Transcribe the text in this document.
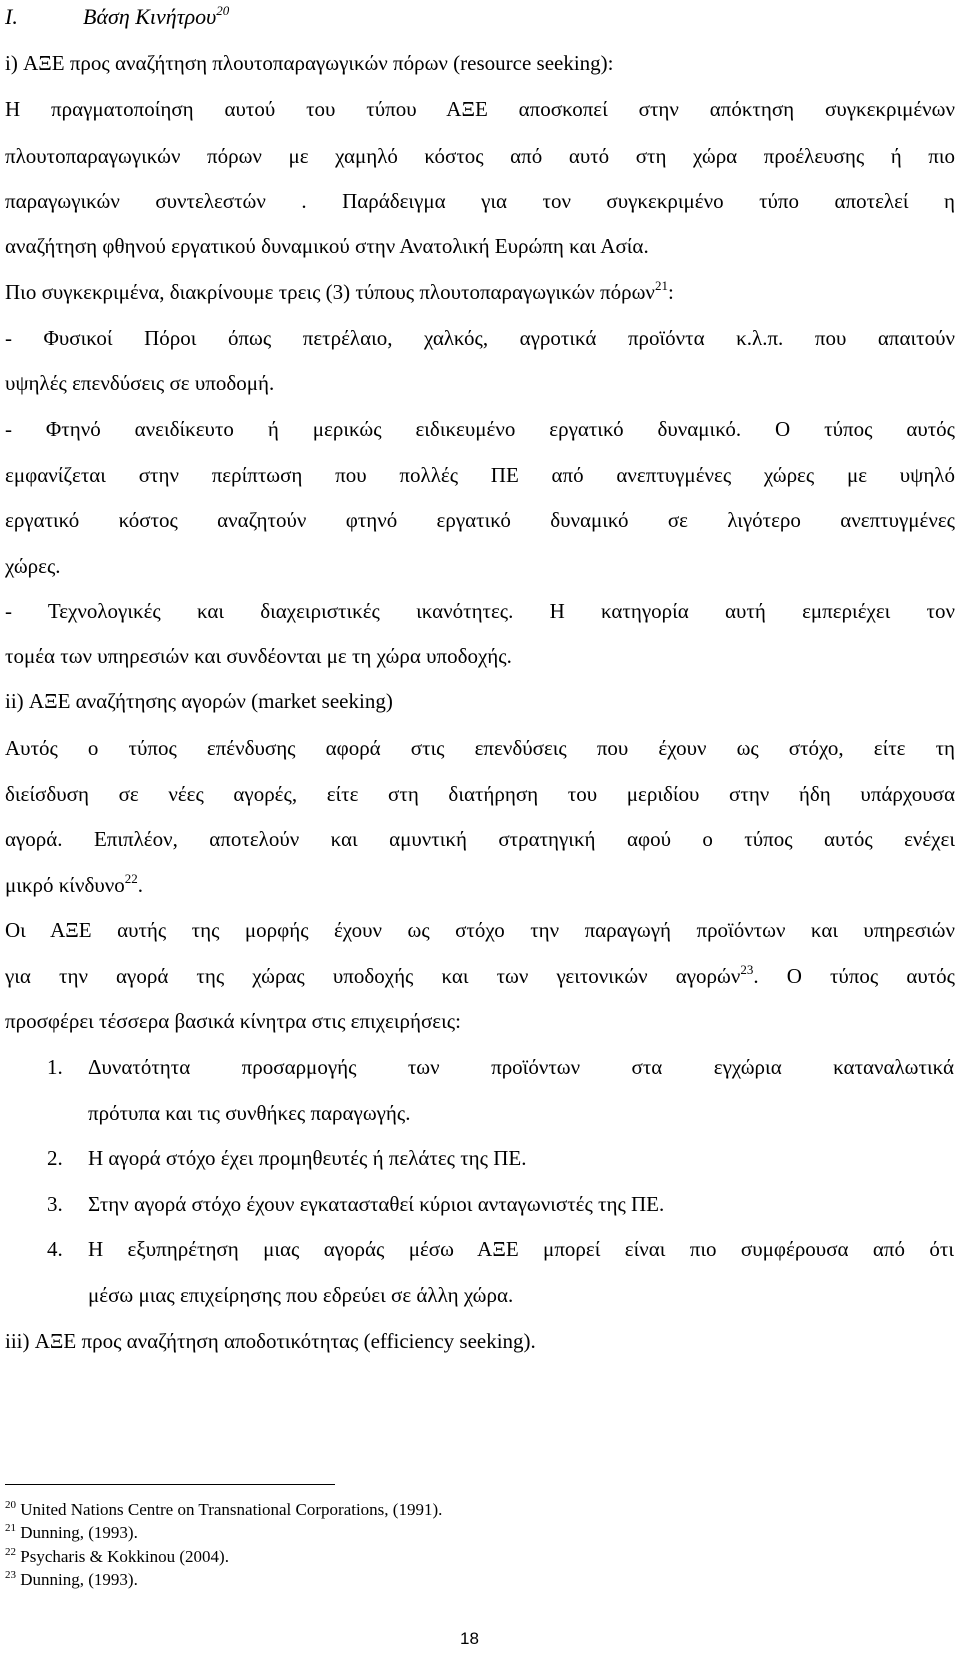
I.	Βάση Κινήτρου$^{20}$
i) ΑΞΕ προς αναζήτηση πλουτοπαραγωγικών πόρων (resource seeking):
Η πραγματοποίηση αυτού του τύπου ΑΞΕ αποσκοπεί στην απόκτηση συγκεκριμένων
πλουτοπαραγωγικών πόρων με χαμηλό κόστος από αυτό στη χώρα προέλευσης ή πιο
παραγωγικών συντελεστών . Παράδειγμα για τον συγκεκριμένο τύπο αποτελεί η
αναζήτηση φθηνού εργατικού δυναμικού στην Ανατολική Ευρώπη και Ασία.
Πιο συγκεκριμένα, διακρίνουμε τρεις (3) τύπους πλουτοπαραγωγικών πόρων$^{21}$:
- Φυσικοί Πόροι όπως πετρέλαιο, χαλκός, αγροτικά προϊόντα κ.λ.π. που απαιτούν
υψηλές επενδύσεις σε υποδομή.
- Φτηνό ανειδίκευτο ή μερικώς ειδικευμένο εργατικό δυναμικό. Ο τύπος αυτός
εμφανίζεται στην περίπτωση που πολλές ΠΕ από ανεπτυγμένες χώρες με υψηλό
εργατικό κόστος αναζητούν φτηνό εργατικό δυναμικό σε λιγότερο ανεπτυγμένες
χώρες.
- Τεχνολογικές και διαχειριστικές ικανότητες. Η κατηγορία αυτή εμπεριέχει τον
τομέα των υπηρεσιών και συνδέονται με τη χώρα υποδοχής.
ii) ΑΞΕ αναζήτησης αγορών (market seeking)
Αυτός ο τύπος επένδυσης αφορά στις επενδύσεις που έχουν ως στόχο, είτε τη
διείσδυση σε νέες αγορές, είτε στη διατήρηση του μεριδίου στην ήδη υπάρχουσα
αγορά. Επιπλέον, αποτελούν και αμυντική στρατηγική αφού ο τύπος αυτός ενέχει
μικρό κίνδυνο$^{22}$.
Οι ΑΞΕ αυτής της μορφής έχουν ως στόχο την παραγωγή προϊόντων και υπηρεσιών
για την αγορά της χώρας υποδοχής και των γειτονικών αγορών$^{23}$. Ο τύπος αυτός
προσφέρει τέσσερα βασικά κίνητρα στις επιχειρήσεις:
1. Δυνατότητα προσαρμογής των προϊόντων στα εγχώρια καταναλωτικά
πρότυπα και τις συνθήκες παραγωγής.
2. Η αγορά στόχο έχει προμηθευτές ή πελάτες της ΠΕ.
3. Στην αγορά στόχο έχουν εγκατασταθεί κύριοι ανταγωνιστές της ΠΕ.
4. Η εξυπηρέτηση μιας αγοράς μέσω ΑΞΕ μπορεί είναι πιο συμφέρουσα από ότι
μέσω μιας επιχείρησης που εδρεύει σε άλλη χώρα.
iii) ΑΞΕ προς αναζήτηση αποδοτικότητας (efficiency seeking).
$^{20}$ United Nations Centre on Transnational Corporations, (1991).
$^{21}$ Dunning, (1993).
$^{22}$ Psycharis & Kokkinou (2004).
$^{23}$ Dunning, (1993).
18
